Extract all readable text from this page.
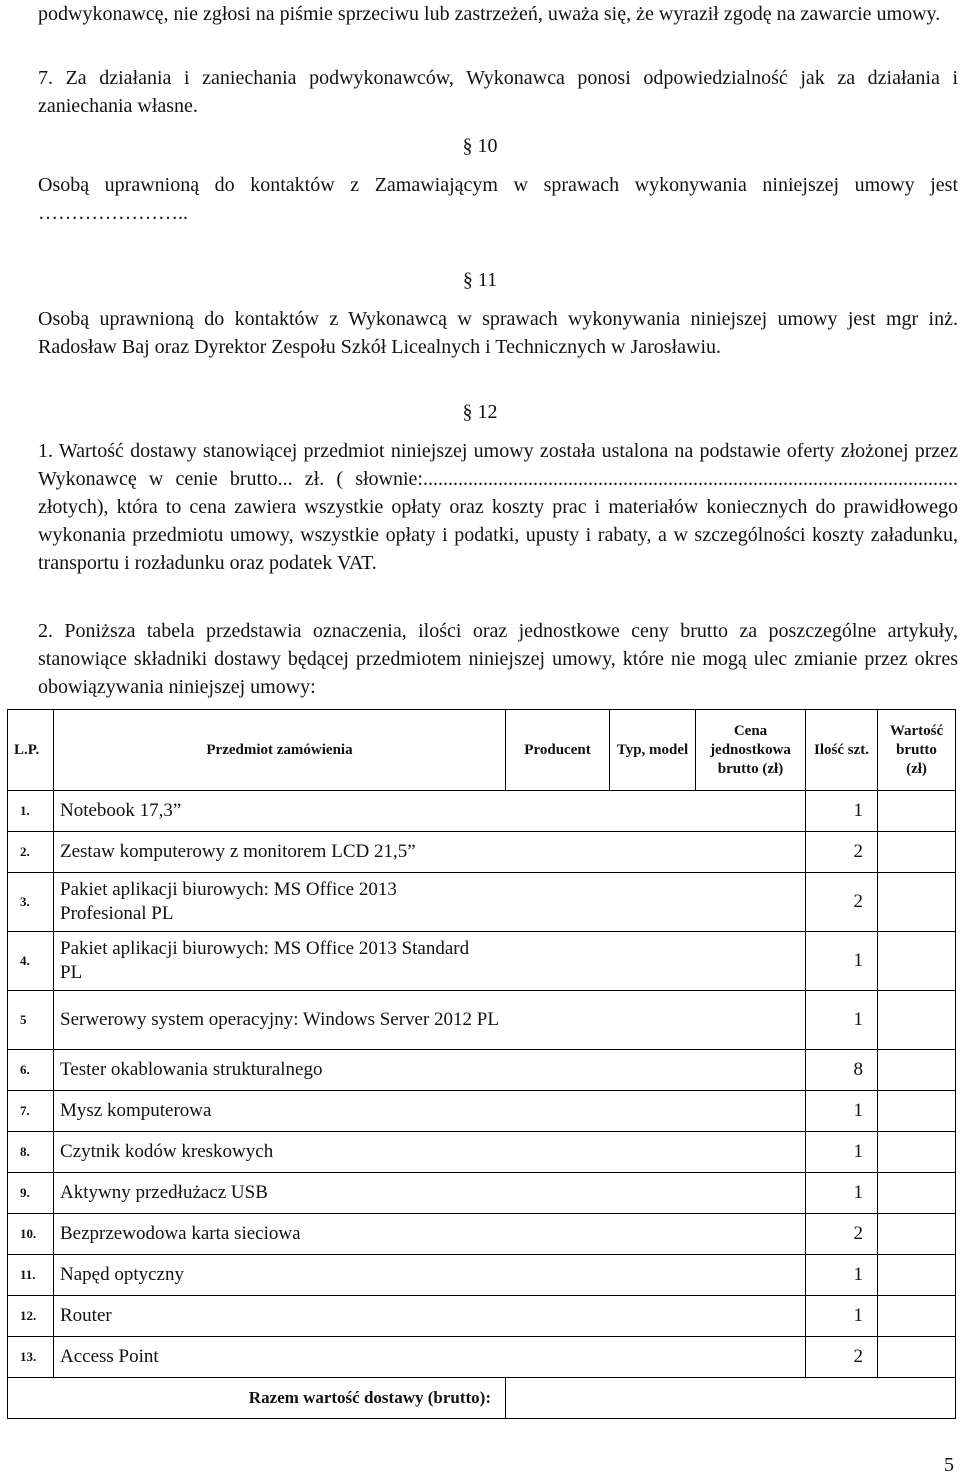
podwykonawcę, nie zgłosi na piśmie sprzeciwu lub zastrzeżeń, uważa się, że wyraził zgodę na zawarcie umowy.

7. Za działania i zaniechania podwykonawców, Wykonawca ponosi odpowiedzialność jak za działania i zaniechania własne.

§ 10

Osobą uprawnioną do kontaktów z Zamawiającym w sprawach wykonywania niniejszej umowy jest …………………..

§ 11

Osobą uprawnioną do kontaktów z Wykonawcą w sprawach wykonywania niniejszej umowy jest mgr inż. Radosław Baj oraz Dyrektor Zespołu Szkół Licealnych i Technicznych w Jarosławiu.

§ 12

1. Wartość dostawy stanowiącej przedmiot niniejszej umowy została ustalona na podstawie oferty złożonej przez Wykonawcę w cenie brutto... zł. ( słownie:........................................................................................................... złotych), która to cena zawiera wszystkie opłaty oraz koszty prac i materiałów koniecznych do prawidłowego wykonania przedmiotu umowy, wszystkie opłaty i podatki, upusty i rabaty, a w szczególności koszty załadunku, transportu i rozładunku oraz podatek VAT.

2. Poniższa tabela przedstawia oznaczenia, ilości oraz jednostkowe ceny brutto za poszczególne artykuły, stanowiące składniki dostawy będącej przedmiotem niniejszej umowy, które nie mogą ulec zmianie przez okres obowiązywania niniejszej umowy:

L.P.	Przedmiot zamówienia	Producent	Typ, model	Cena jednostkowa brutto (zł)	Ilość szt.	Wartość brutto (zł)
1.	Notebook 17,3”				1	
2.	Zestaw komputerowy z monitorem LCD 21,5”				2	
3.	Pakiet aplikacji biurowych: MS Office 2013 Profesional PL				2	
4.	Pakiet aplikacji biurowych: MS Office 2013 Standard PL				1	
5	Serwerowy system operacyjny: Windows Server 2012 PL				1	
6.	Tester okablowania strukturalnego				8	
7.	Mysz komputerowa				1	
8.	Czytnik kodów kreskowych				1	
9.	Aktywny przedłużacz USB				1	
10.	Bezprzewodowa karta sieciowa				2	
11.	Napęd optyczny				1	
12.	Router				1	
13.	Access Point				2	
Razem wartość dostawy (brutto):						
5
